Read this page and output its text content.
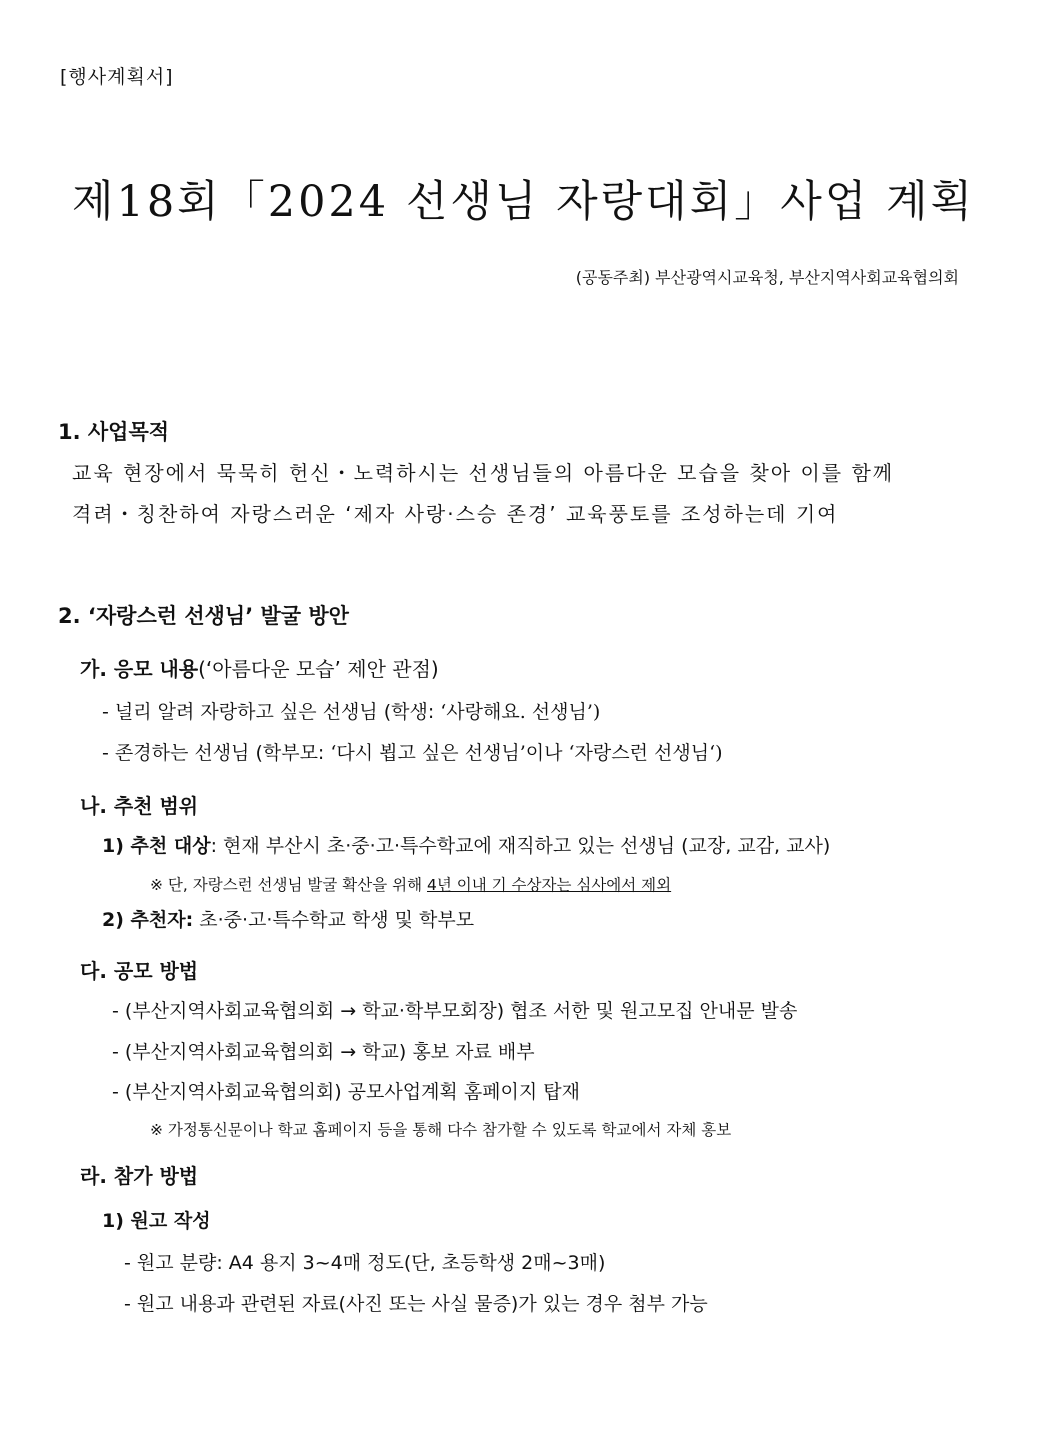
[행사계획서]
제18회「2024 선생님 자랑대회」사업 계획
(공동주최) 부산광역시교육청, 부산지역사회교육협의회
1. 사업목적
교육 현장에서 묵묵히 헌신・노력하시는 선생님들의 아름다운 모습을 찾아 이를 함께
격려・칭찬하여 자랑스러운 ‘제자 사랑·스승 존경’ 교육풍토를 조성하는데 기여
2. ‘자랑스런 선생님’ 발굴 방안
가. 응모 내용(‘아름다운 모습’ 제안 관점)
- 널리 알려 자랑하고 싶은 선생님 (학생: ‘사랑해요. 선생님’)
- 존경하는 선생님 (학부모: ‘다시 뵙고 싶은 선생님’이나 ‘자랑스런 선생님‘)
나. 추천 범위
1) 추천 대상: 현재 부산시 초·중·고·특수학교에 재직하고 있는 선생님 (교장, 교감, 교사)
※ 단, 자랑스런 선생님 발굴 확산을 위해 4년 이내 기 수상자는 심사에서 제외
2) 추천자: 초·중·고·특수학교 학생 및 학부모
다. 공모 방법
- (부산지역사회교육협의회 → 학교·학부모회장) 협조 서한 및 원고모집 안내문 발송
- (부산지역사회교육협의회 → 학교) 홍보 자료 배부
- (부산지역사회교육협의회) 공모사업계획 홈페이지 탑재
※ 가정통신문이나 학교 홈페이지 등을 통해 다수 참가할 수 있도록 학교에서 자체 홍보
라. 참가 방법
1) 원고 작성
- 원고 분량: A4 용지 3~4매 정도(단, 초등학생 2매~3매)
- 원고 내용과 관련된 자료(사진 또는 사실 물증)가 있는 경우 첨부 가능
